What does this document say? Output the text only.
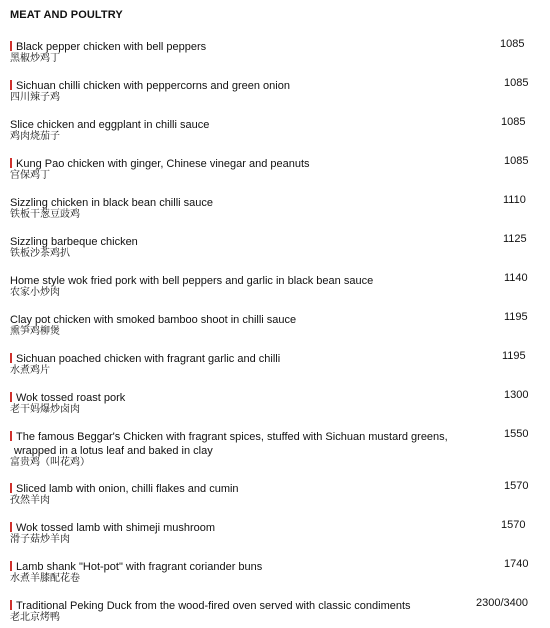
MEAT AND POULTRY
Black pepper chicken with bell peppers	1085
黑椒炒鸡丁
Sichuan chilli chicken with peppercorns and green onion	1085
四川辣子鸡
Slice chicken and eggplant in chilli sauce	1085
鸡肉烧茄子
Kung Pao chicken with ginger, Chinese vinegar and peanuts	1085
宫保鸡丁
Sizzling chicken in black bean chilli sauce	1110
铁板干葱豆豉鸡
Sizzling barbeque chicken	1125
铁板沙茶鸡扒
Home style wok fried pork with bell peppers and garlic in black bean sauce	1140
农家小炒肉
Clay pot chicken with smoked bamboo shoot in chilli sauce	1195
熏笋鸡柳煲
Sichuan poached chicken with fragrant garlic and chilli	1195
水煮鸡片
Wok tossed roast pork	1300
老干妈爆炒卤肉
The famous Beggar's Chicken with fragrant spices, stuffed with Sichuan mustard greens,	1550
wrapped in a lotus leaf and baked in clay
富贵鸡（叫花鸡）
Sliced lamb with onion, chilli flakes and cumin	1570
孜然羊肉
Wok tossed lamb with shimeji mushroom	1570
滑子菇炒羊肉
Lamb shank "Hot-pot" with fragrant coriander buns	1740
水煮羊膝配花卷
Traditional Peking Duck from the wood-fired oven served with classic condiments	2300/3400
老北京烤鸭
